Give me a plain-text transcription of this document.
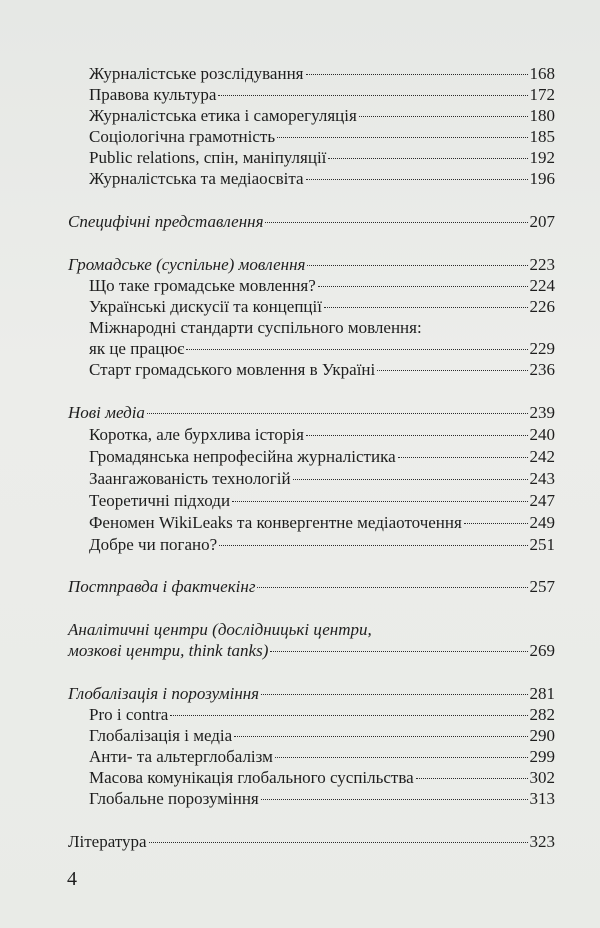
Журналістське розслідування	168
Правова культура	172
Журналістська етика і саморегуляція	180
Соціологічна грамотність	185
Public relations, спін, маніпуляції	192
Журналістська та медіаосвіта	196
Специфічні представлення	207
Громадське (суспільне) мовлення	223
Що таке громадське мовлення?	224
Українські дискусії та концепції	226
Міжнародні стандарти суспільного мовлення:
як це працює	229
Старт громадського мовлення в Україні	236
Нові медіа	239
Коротка, але бурхлива історія	240
Громадянська непрофесійна журналістика	242
Заангажованість технологій	243
Теоретичні підходи	247
Феномен WikiLeaks та конвергентне медіаоточення	249
Добре чи погано?	251
Постправда і фактчекінг	257
Аналітичні центри (дослідницькі центри,
мозкові центри, think tanks)	269
Глобалізація і порозуміння	281
Pro i contra	282
Глобалізація і медіа	290
Анти- та альтерглобалізм	299
Масова комунікація глобального суспільства	302
Глобальне порозуміння	313
Література	323
4
